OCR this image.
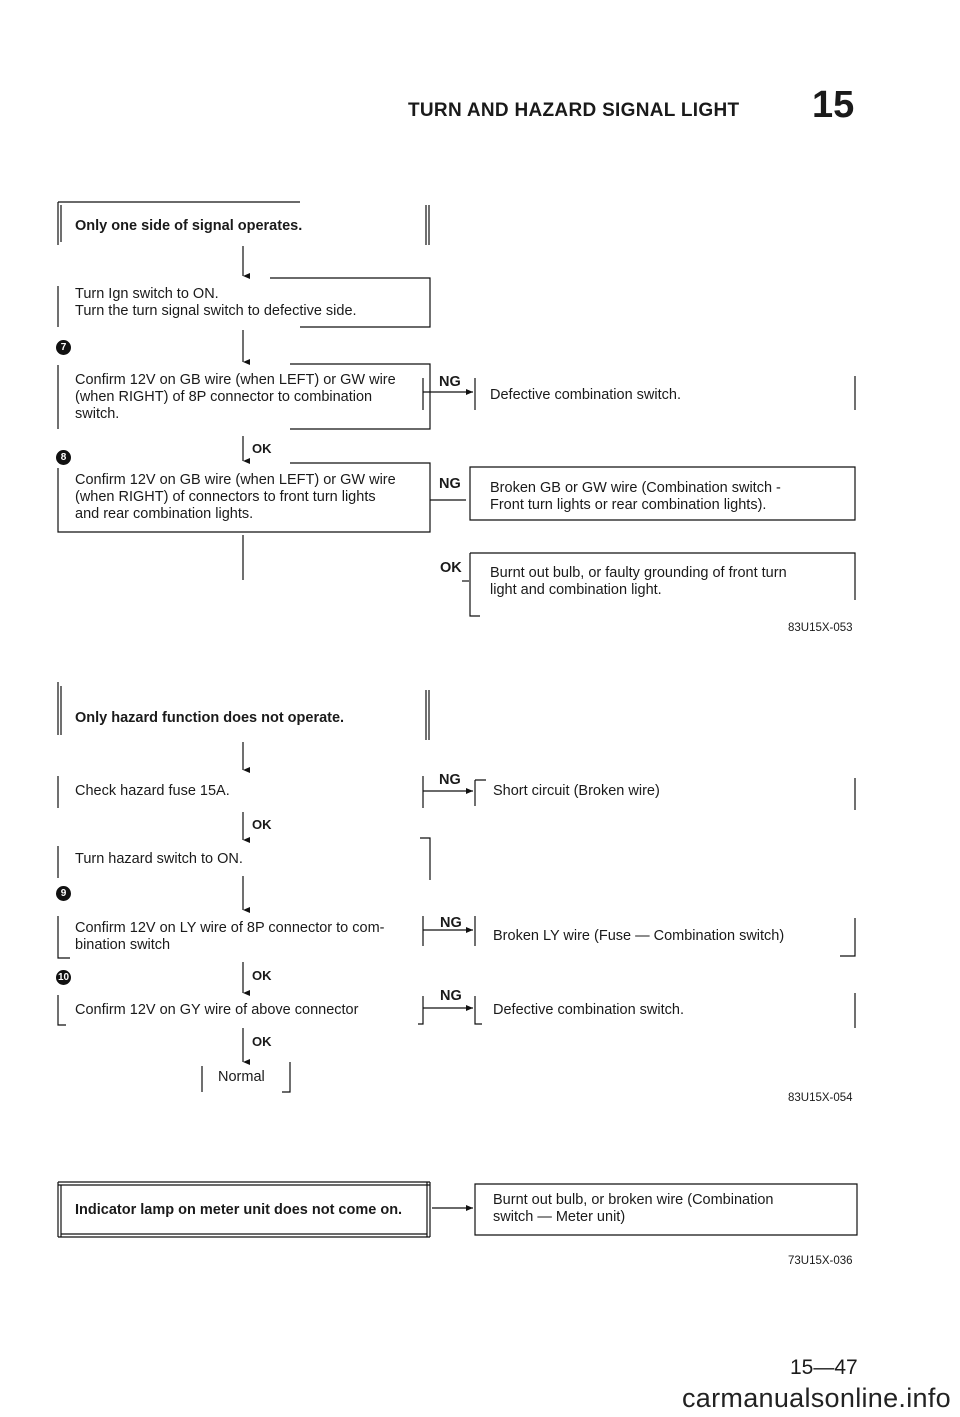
TURN AND HAZARD SIGNAL LIGHT 15
Only one side of signal operates.
Turn Ign switch to ON.
Turn the turn signal switch to defective side.
7
Confirm 12V on GB wire (when LEFT) or GW wire
(when RIGHT) of 8P connector to combination
switch.
NG
Defective combination switch.
OK
8
Confirm 12V on GB wire (when LEFT) or GW wire
(when RIGHT) of connectors to front turn lights
and rear combination lights.
NG Broken GB or GW wire (Combination switch -
Front turn lights or rear combination lights).
OK Burnt out bulb, or faulty grounding of front turn
light and combination light.
83U15X-053
Only hazard function does not operate.
Check hazard fuse 15A.
NG
Short circuit (Broken wire)
OK
Turn hazard switch to ON.
9
Confirm 12V on LY wire of 8P connector to com-
bination switch
NG
Broken LY wire (Fuse — Combination switch)
OK
10
Confirm 12V on GY wire of above connector
NG
Defective combination switch.
OK
Normal
83U15X-054
Indicator lamp on meter unit does not come on.
Burnt out bulb, or broken wire (Combination
switch — Meter unit)
73U15X-036
15—47
carmanualsonline.info
